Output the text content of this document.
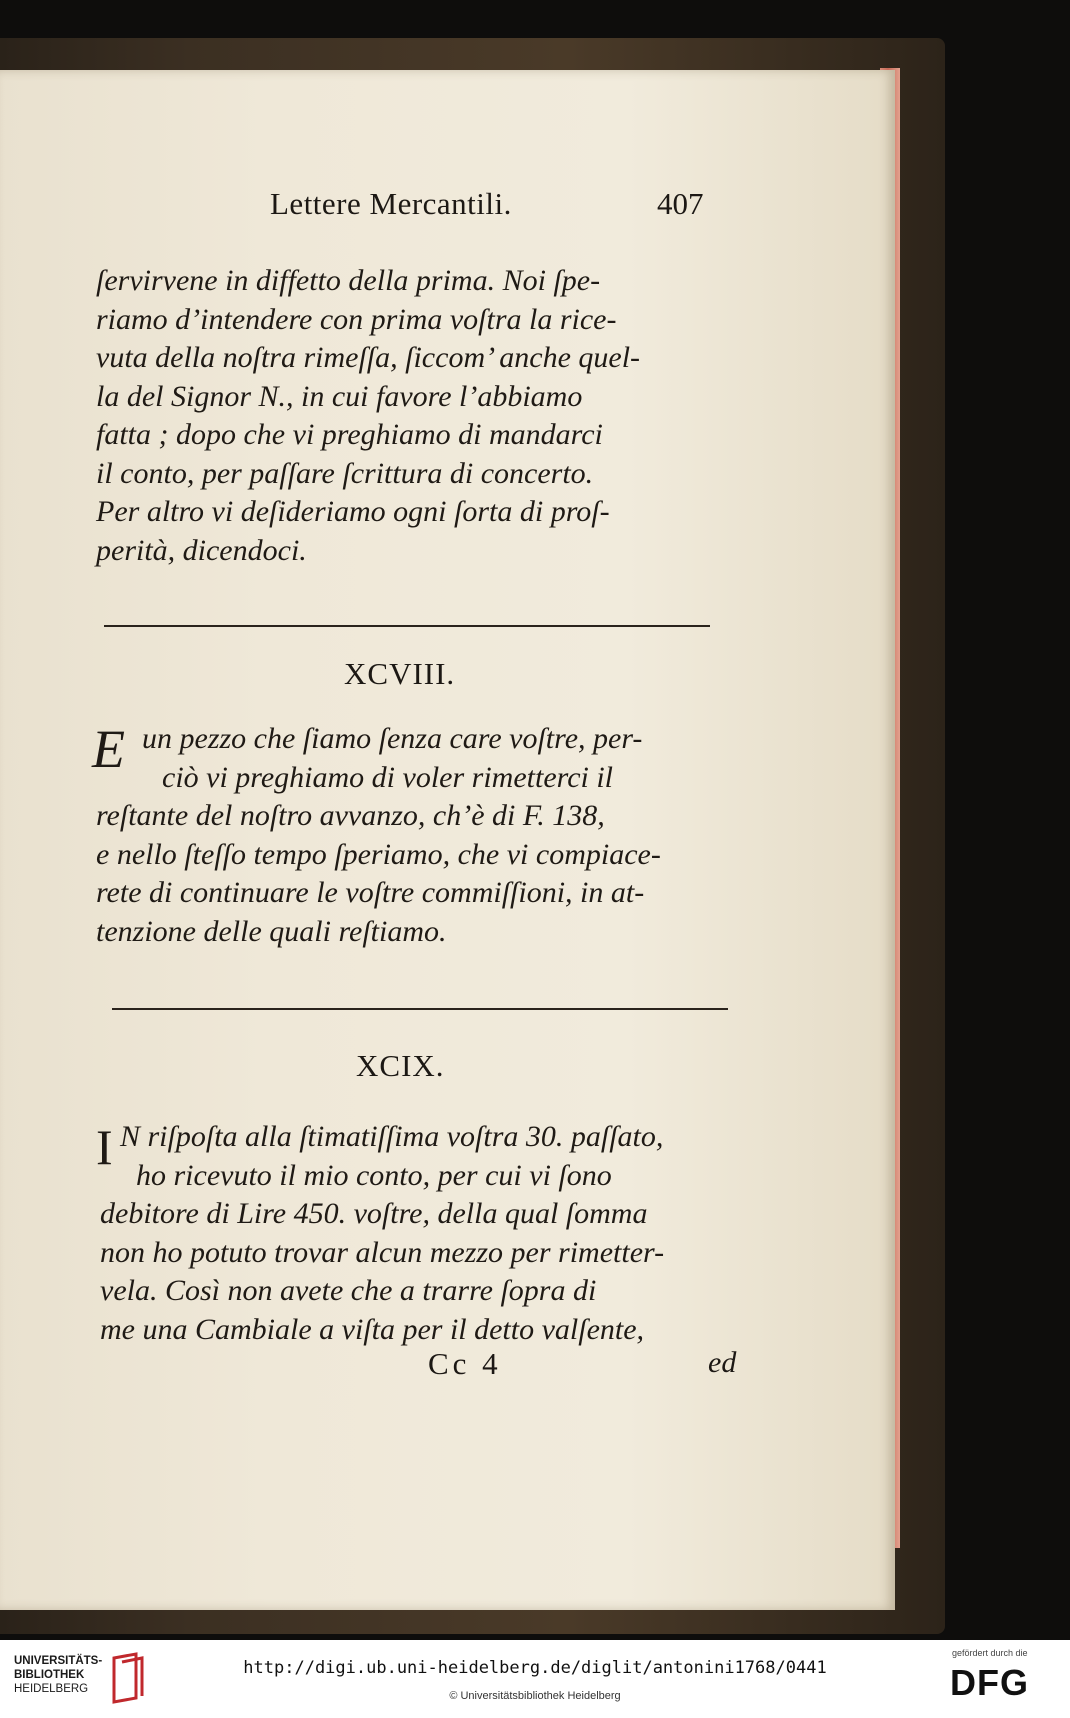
Lettere Mercantili.	407
ſervirvene in diffetto della prima. Noi ſpe-
riamo d’intendere con prima voſtra la rice-
vuta della noſtra rimeſſa, ſiccom’ anche quel-
la del Signor N., in cui favore l’abbiamo
fatta ; dopo che vi preghiamo di mandarci
il conto, per paſſare ſcrittura di concerto.
Per altro vi deſideriamo ogni ſorta di proſ-
perità, dicendoci.
XCVIII.
E un pezzo che ſiamo ſenza care voſtre, per-
ciò vi preghiamo di voler rimetterci il
reſtante del noſtro avvanzo, ch’è di F. 138,
e nello ſteſſo tempo ſperiamo, che vi compiace-
rete di continuare le voſtre commiſſioni, in at-
tenzione delle quali reſtiamo.
XCIX.
I N riſpoſta alla ſtimatiſſima voſtra 30. paſſato,
ho ricevuto il mio conto, per cui vi ſono
debitore di Lire 450. voſtre, della qual ſomma
non ho potuto trovar alcun mezzo per rimetter-
vela. Così non avete che a trarre ſopra di
me una Cambiale a viſta per il detto valſente,
Cc 4	ed
UNIVERSITÄTS-
BIBLIOTHEK
HEIDELBERG
http://digi.ub.uni-heidelberg.de/diglit/antonini1768/0441
© Universitätsbibliothek Heidelberg
gefördert durch die
DFG
